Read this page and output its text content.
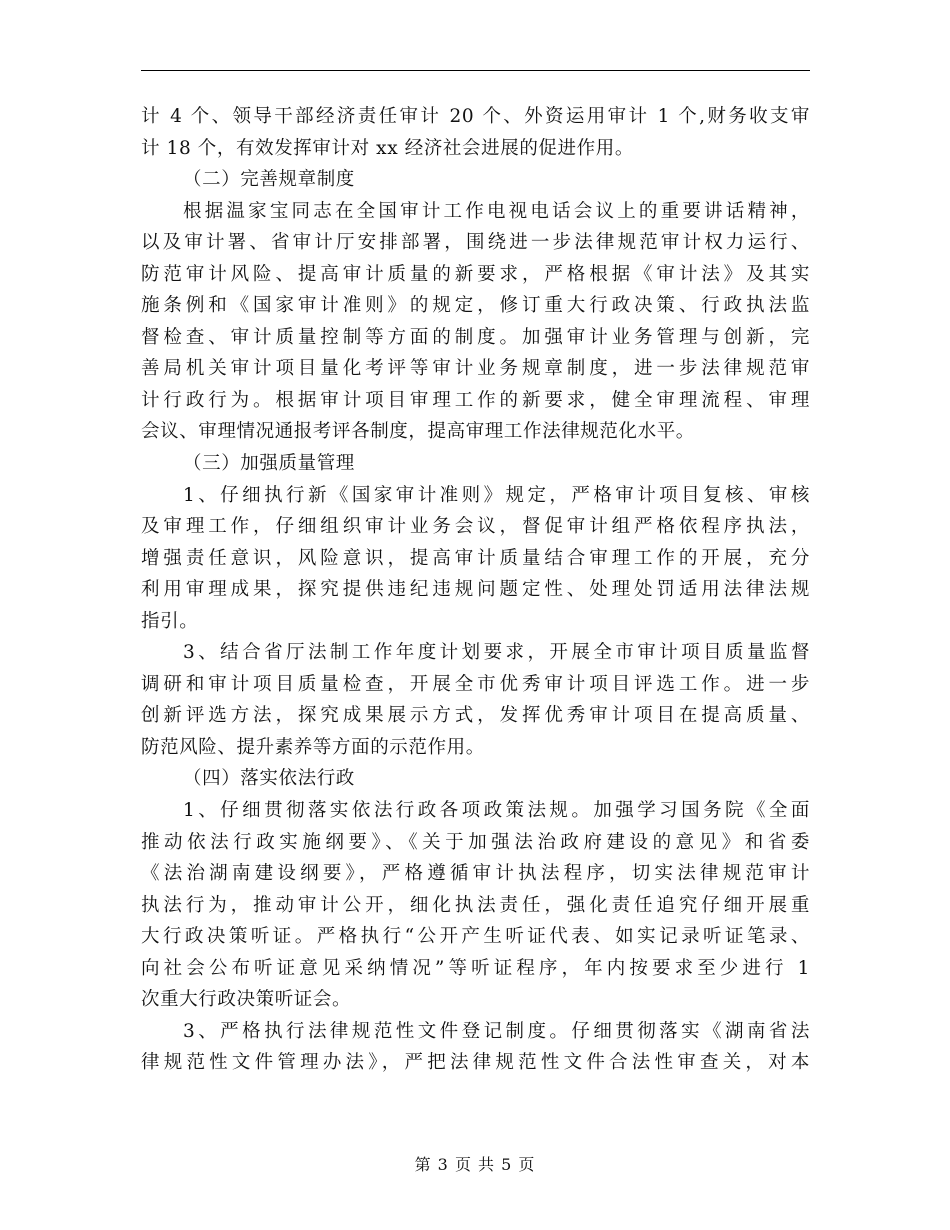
计 4 个、领导干部经济责任审计 20 个、外资运用审计 1 个,财务收支审
计 18 个，有效发挥审计对 xx 经济社会进展的促进作用。
（二）完善规章制度
根据温家宝同志在全国审计工作电视电话会议上的重要讲话精神，
以及审计署、省审计厅安排部署，围绕进一步法律规范审计权力运行、
防范审计风险、提高审计质量的新要求，严格根据《审计法》及其实
施条例和《国家审计准则》的规定，修订重大行政决策、行政执法监
督检查、审计质量控制等方面的制度。加强审计业务管理与创新，完
善局机关审计项目量化考评等审计业务规章制度，进一步法律规范审
计行政行为。根据审计项目审理工作的新要求，健全审理流程、审理
会议、审理情况通报考评各制度，提高审理工作法律规范化水平。
（三）加强质量管理
1、仔细执行新《国家审计准则》规定，严格审计项目复核、审核
及审理工作，仔细组织审计业务会议，督促审计组严格依程序执法，
增强责任意识，风险意识，提高审计质量结合审理工作的开展，充分
利用审理成果，探究提供违纪违规问题定性、处理处罚适用法律法规
指引。
3、结合省厅法制工作年度计划要求，开展全市审计项目质量监督
调研和审计项目质量检查，开展全市优秀审计项目评选工作。进一步
创新评选方法，探究成果展示方式，发挥优秀审计项目在提高质量、
防范风险、提升素养等方面的示范作用。
（四）落实依法行政
1、仔细贯彻落实依法行政各项政策法规。加强学习国务院《全面
推动依法行政实施纲要》、《关于加强法治政府建设的意见》和省委
《法治湖南建设纲要》，严格遵循审计执法程序，切实法律规范审计
执法行为，推动审计公开，细化执法责任，强化责任追究仔细开展重
大行政决策听证。严格执行“公开产生听证代表、如实记录听证笔录、
向社会公布听证意见采纳情况”等听证程序，年内按要求至少进行 1
次重大行政决策听证会。
3、严格执行法律规范性文件登记制度。仔细贯彻落实《湖南省法
律规范性文件管理办法》，严把法律规范性文件合法性审查关，对本
第 3 页 共 5 页
